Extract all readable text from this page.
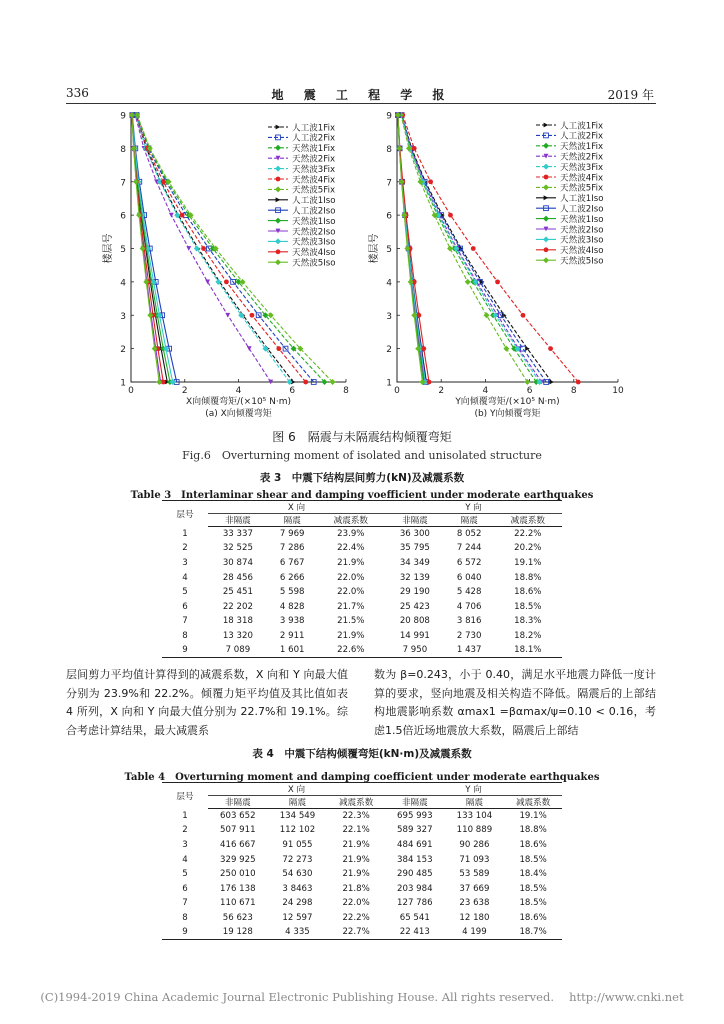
336	地 震 工 程 学 报	2019 年
1
2
3
4
5
6
7
8
9
0	2	4	6	8
楼层号
X向倾覆弯矩/(×10⁵ N·m)
(a) X向倾覆弯矩
人工波1Fix
人工波2Fix
天然波1Fix
天然波2Fix
天然波3Fix
天然波4Fix
天然波5Fix
人工波1Iso
人工波2Iso
天然波1Iso
天然波2Iso
天然波3Iso
天然波4Iso
天然波5Iso
1
2
3
4
5
6
7
8
9
0	2	4	6	8	10
楼层号
Y向倾覆弯矩/(×10⁵ N·m)
(b) Y向倾覆弯矩
人工波1Fix
人工波2Fix
天然波1Fix
天然波2Fix
天然波3Fix
天然波4Fix
天然波5Fix
人工波1Iso
人工波2Iso
天然波1Iso
天然波2Iso
天然波3Iso
天然波4Iso
天然波5Iso
图 6　隔震与未隔震结构倾覆弯矩
Fig.6　Overturning moment of isolated and unisolated structure
表 3　中震下结构层间剪力(kN)及减震系数
Table 3　Interlaminar shear and damping voefficient under moderate earthquakes
层号	X 向			Y 向		
	非隔震	隔震	减震系数	非隔震	隔震	减震系数
1	33 337	7 969	23.9%	36 300	8 052	22.2%
2	32 525	7 286	22.4%	35 795	7 244	20.2%
3	30 874	6 767	21.9%	34 349	6 572	19.1%
4	28 456	6 266	22.0%	32 139	6 040	18.8%
5	25 451	5 598	22.0%	29 190	5 428	18.6%
6	22 202	4 828	21.7%	25 423	4 706	18.5%
7	18 318	3 938	21.5%	20 808	3 816	18.3%
8	13 320	2 911	21.9%	14 991	2 730	18.2%
9	7 089	1 601	22.6%	7 950	1 437	18.1%
层间剪力平均值计算得到的减震系数，X 向和 Y 向最大值分别为 23.9%和 22.2%。倾覆力矩平均值及其比值如表 4 所列，X 向和 Y 向最大值分别为 22.7%和 19.1%。综合考虑计算结果，最大减震系
数为 β=0.243，小于 0.40，满足水平地震力降低一度计算的要求，竖向地震及相关构造不降低。隔震后的上部结构地震影响系数 αmax1 =βαmax/ψ=0.10 < 0.16，考虑1.5倍近场地震放大系数，隔震后上部结
表 4　中震下结构倾覆弯矩(kN·m)及减震系数
Table 4　Overturning moment and damping coefficient under moderate earthquakes
层号	X 向			Y 向		
	非隔震	隔震	减震系数	非隔震	隔震	减震系数
1	603 652	134 549	22.3%	695 993	133 104	19.1%
2	507 911	112 102	22.1%	589 327	110 889	18.8%
3	416 667	91 055	21.9%	484 691	90 286	18.6%
4	329 925	72 273	21.9%	384 153	71 093	18.5%
5	250 010	54 630	21.9%	290 485	53 589	18.4%
6	176 138	3 8463	21.8%	203 984	37 669	18.5%
7	110 671	24 298	22.0%	127 786	23 638	18.5%
8	56 623	12 597	22.2%	65 541	12 180	18.6%
9	19 128	4 335	22.7%	22 413	4 199	18.7%
(C)1994-2019 China Academic Journal Electronic Publishing House. All rights reserved.　 http://www.cnki.net
